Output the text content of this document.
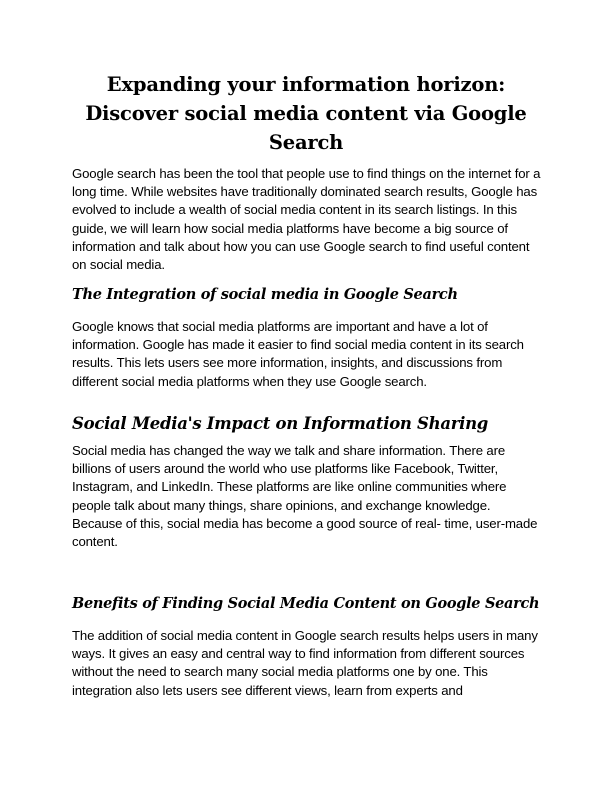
Expanding your information horizon: Discover social media content via Google Search

Google search has been the tool that people use to find things on the internet for a long time. While websites have traditionally dominated search results, Google has evolved to include a wealth of social media content in its search listings. In this guide, we will learn how social media platforms have become a big source of information and talk about how you can use Google search to find useful content on social media.

The Integration of social media in Google Search

Google knows that social media platforms are important and have a lot of information. Google has made it easier to find social media content in its search results. This lets users see more information, insights, and discussions from different social media platforms when they use Google search.

Social Media's Impact on Information Sharing

Social media has changed the way we talk and share information. There are billions of users around the world who use platforms like Facebook, Twitter, Instagram, and LinkedIn. These platforms are like online communities where people talk about many things, share opinions, and exchange knowledge. Because of this, social media has become a good source of real- time, user-made content.

Benefits of Finding Social Media Content on Google Search

The addition of social media content in Google search results helps users in many ways. It gives an easy and central way to find information from different sources without the need to search many social media platforms one by one. This integration also lets users see different views, learn from experts and
